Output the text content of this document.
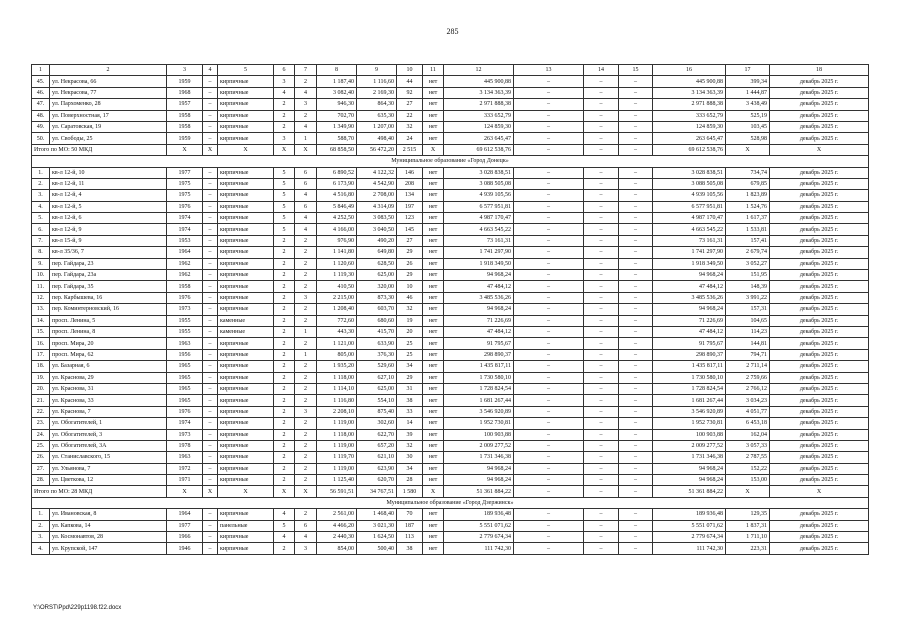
285
1	2	3	4	5	6	7	8	9	10	11	12	13	14	15	16	17	18
45.	ул. Некрасова, 66	1959	–	кирпичные	3	2	1 187,40	1 116,60	44	нет	445 900,88	–	–	–	445 900,88	399,34	декабрь 2025 г.
46.	ул. Некрасова, 77	1968	–	кирпичные	4	4	3 082,40	2 169,30	92	нет	3 134 363,39	–	–	–	3 134 363,39	1 444,87	декабрь 2025 г.
47.	ул. Пархоменко, 28	1957	–	кирпичные	2	3	946,30	864,30	27	нет	2 971 888,38	–	–	–	2 971 888,38	3 438,49	декабрь 2025 г.
48.	ул. Поверхностная, 17	1958	–	кирпичные	2	2	702,70	635,30	22	нет	333 652,79	–	–	–	333 652,79	525,19	декабрь 2025 г.
49.	ул. Саратовская, 19	1958	–	кирпичные	2	4	1 349,90	1 207,00	32	нет	124 859,30	–	–	–	124 859,30	103,45	декабрь 2025 г.
50.	ул. Свободы, 25	1959	–	кирпичные	3	1	588,70	498,40	24	нет	263 645,47	–	–	–	263 645,47	528,98	декабрь 2025 г.
Итого по МО: 50 МКД		X	X	X	X	X	68 858,50	56 472,20	2 515	X	69 612 538,76	–	–	–	69 612 538,76	X	X
Муниципальное образование «Город Донецк»																	
1.	кв-л 12-й, 10	1977	–	кирпичные	5	6	6 890,52	4 122,32	146	нет	3 028 838,51	–	–	–	3 028 838,51	734,74	декабрь 2025 г.
2.	кв-л 12-й, 11	1975	–	кирпичные	5	6	6 173,90	4 542,90	208	нет	3 088 505,08	–	–	–	3 088 505,08	679,85	декабрь 2025 г.
3.	кв-л 12-й, 4	1975	–	кирпичные	5	4	4 516,80	2 708,00	134	нет	4 939 105,56	–	–	–	4 939 105,56	1 823,89	декабрь 2025 г.
4.	кв-л 12-й, 5	1976	–	кирпичные	5	6	5 846,49	4 314,09	197	нет	6 577 951,81	–	–	–	6 577 951,81	1 524,76	декабрь 2025 г.
5.	кв-л 12-й, 6	1974	–	кирпичные	5	4	4 252,50	3 083,50	123	нет	4 987 170,47	–	–	–	4 987 170,47	1 617,37	декабрь 2025 г.
6.	кв-л 12-й, 9	1974	–	кирпичные	5	4	4 166,00	3 040,50	145	нет	4 663 545,22	–	–	–	4 663 545,22	1 533,81	декабрь 2025 г.
7.	кв-л 15-й, 9	1953	–	кирпичные	2	2	976,90	490,20	27	нет	73 161,31	–	–	–	73 161,31	157,41	декабрь 2025 г.
8.	кв-л 35/36, 7	1964	–	кирпичные	2	2	1 141,80	649,80	29	нет	1 741 297,90	–	–	–	1 741 297,90	2 679,74	декабрь 2025 г.
9.	пер. Гайдара, 23	1962	–	кирпичные	2	2	1 120,60	628,50	26	нет	1 918 349,50	–	–	–	1 918 349,50	3 052,27	декабрь 2025 г.
10.	пер. Гайдара, 23а	1962	–	кирпичные	2	2	1 119,30	625,00	29	нет	94 968,24	–	–	–	94 968,24	151,95	декабрь 2025 г.
11.	пер. Гайдара, 35	1958	–	кирпичные	2	2	410,50	320,00	10	нет	47 484,12	–	–	–	47 484,12	148,39	декабрь 2025 г.
12.	пер. Карбышева, 16	1976	–	кирпичные	2	3	2 215,00	873,30	46	нет	3 485 536,26	–	–	–	3 485 536,26	3 991,22	декабрь 2025 г.
13.	пер. Коминтерновский, 16	1973	–	кирпичные	2	2	1 208,40	603,70	32	нет	94 968,24	–	–	–	94 968,24	157,31	декабрь 2025 г.
14.	просп. Ленина, 5	1955	–	каменные	2	2	772,60	680,60	19	нет	71 226,69	–	–	–	71 226,69	104,65	декабрь 2025 г.
15.	просп. Ленина, 8	1955	–	каменные	2	1	443,30	415,70	20	нет	47 484,12	–	–	–	47 484,12	114,23	декабрь 2025 г.
16.	просп. Мира, 20	1963	–	кирпичные	2	2	1 121,00	633,90	25	нет	91 795,67	–	–	–	91 795,67	144,81	декабрь 2025 г.
17.	просп. Мира, 62	1956	–	кирпичные	2	1	805,00	376,30	25	нет	298 890,37	–	–	–	298 890,37	794,71	декабрь 2025 г.
18.	ул. Базарная, 6	1965	–	кирпичные	2	2	1 935,20	529,60	34	нет	1 435 817,11	–	–	–	1 435 817,11	2 711,14	декабрь 2025 г.
19.	ул. Краснова, 29	1965	–	кирпичные	2	2	1 118,00	627,10	29	нет	1 730 580,10	–	–	–	1 730 580,10	2 759,66	декабрь 2025 г.
20.	ул. Краснова, 31	1965	–	кирпичные	2	2	1 114,10	625,00	31	нет	1 728 824,54	–	–	–	1 728 824,54	2 766,12	декабрь 2025 г.
21.	ул. Краснова, 33	1965	–	кирпичные	2	2	1 116,80	554,10	38	нет	1 681 267,44	–	–	–	1 681 267,44	3 034,23	декабрь 2025 г.
22.	ул. Краснова, 7	1976	–	кирпичные	2	3	2 208,10	875,40	33	нет	3 546 920,89	–	–	–	3 546 920,89	4 051,77	декабрь 2025 г.
23.	ул. Обогатителей, 1	1974	–	кирпичные	2	2	1 119,00	302,60	14	нет	1 952 730,81	–	–	–	1 952 730,81	6 453,18	декабрь 2025 г.
24.	ул. Обогатителей, 3	1973	–	кирпичные	2	2	1 118,00	622,70	39	нет	100 903,88	–	–	–	100 903,88	162,04	декабрь 2025 г.
25.	ул. Обогатителей, 3А	1978	–	кирпичные	2	2	1 119,00	657,20	32	нет	2 009 277,52	–	–	–	2 009 277,52	3 057,33	декабрь 2025 г.
26.	ул. Станиславского, 15	1963	–	кирпичные	2	2	1 119,70	621,10	30	нет	1 731 346,38	–	–	–	1 731 346,38	2 787,55	декабрь 2025 г.
27.	ул. Ульянова, 7	1972	–	кирпичные	2	2	1 119,00	623,90	34	нет	94 968,24	–	–	–	94 968,24	152,22	декабрь 2025 г.
28.	ул. Цветкова, 12	1971	–	кирпичные	2	2	1 125,40	620,70	28	нет	94 968,24	–	–	–	94 968,24	153,00	декабрь 2025 г.
Итого по МО: 28 МКД		X	X	X	X	X	56 591,51	34 767,51	1 580	X	51 361 884,22	–	–	–	51 361 884,22	X	X
Муниципальное образование «Город Дзержинск»																	
1.	ул. Ивановская, 8	1964	–	кирпичные	4	2	2 561,00	1 468,40	70	нет	189 936,48	–	–	–	189 936,48	129,35	декабрь 2025 г.
2.	ул. Капкова, 14	1977	–	панельные	5	6	4 466,20	3 021,30	187	нет	5 551 071,62	–	–	–	5 551 071,62	1 837,31	декабрь 2025 г.
3.	ул. Космонавтов, 28	1966	–	кирпичные	4	4	2 440,30	1 624,50	113	нет	2 779 674,34	–	–	–	2 779 674,34	1 711,10	декабрь 2025 г.
4.	ул. Крупской, 147	1946	–	кирпичные	2	3	854,00	500,40	38	нет	111 742,30	–	–	–	111 742,30	223,31	декабрь 2025 г.
Y:\ORST\Ppd\229p1198.f22.docx
